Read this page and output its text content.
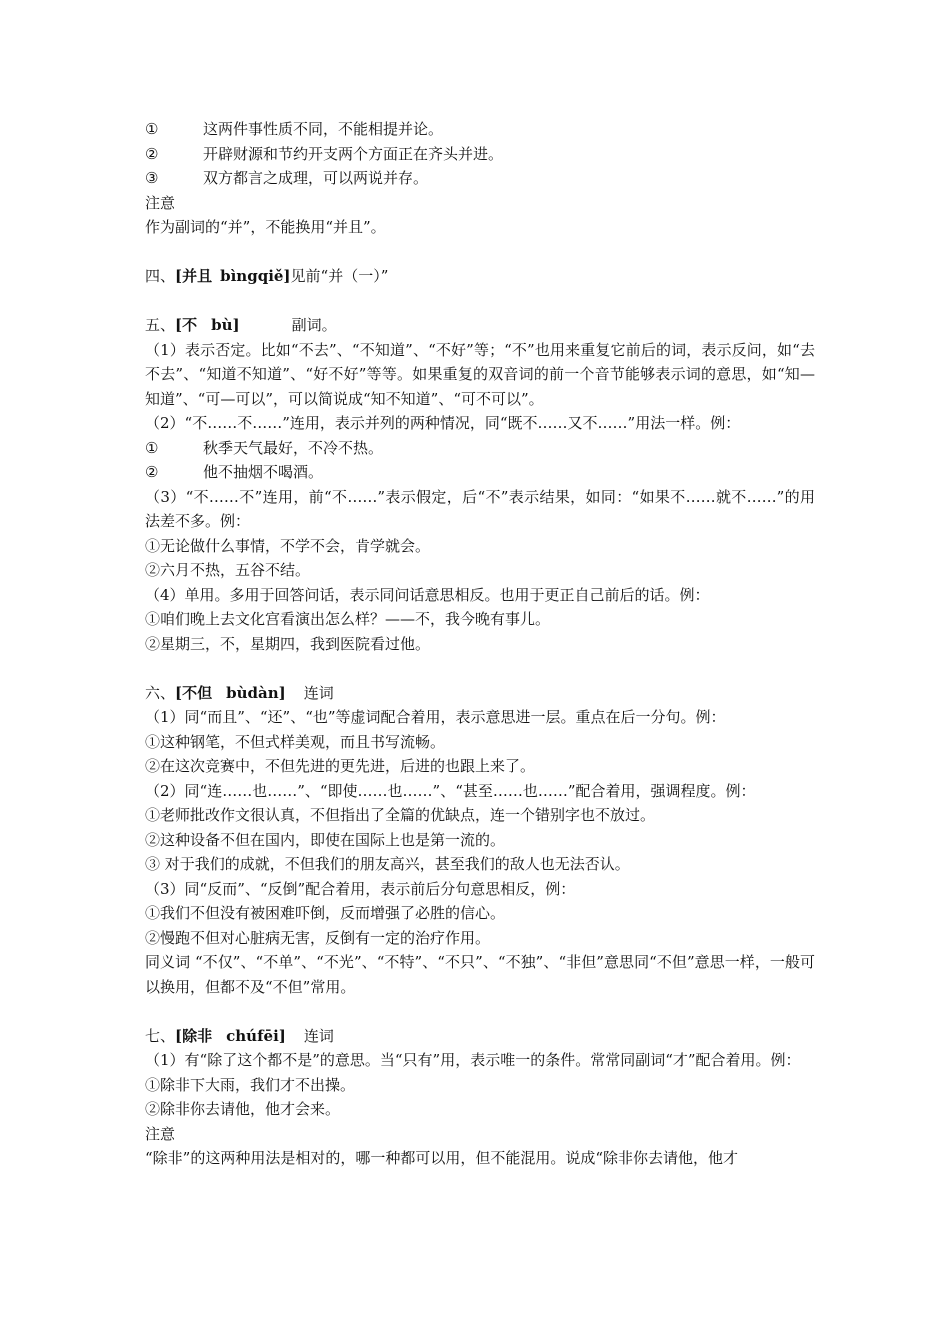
①	这两件事性质不同，不能相提并论。
②	开辟财源和节约开支两个方面正在齐头并进。
③	双方都言之成理，可以两说并存。
注意
作为副词的“并”，不能换用“并且”。
四、[并且 bìngqiě]见前“并（一）”
五、[不 bù]	副词。
（1）表示否定。比如“不去”、“不知道”、“不好”等；“不”也用来重复它前后的词，表示反问，如“去不去”、“知道不知道”、“好不好”等等。如果重复的双音词的前一个音节能够表示词的意思，如“知—知道”、“可—可以”，可以简说成“知不知道”、“可不可以”。
（2）“不……不……”连用，表示并列的两种情况，同“既不……又不……”用法一样。例：
①	秋季天气最好，不冷不热。
②	他不抽烟不喝酒。
（3）“不……不”连用，前“不……”表示假定，后“不”表示结果，如同：“如果不……就不……”的用法差不多。例：
①无论做什么事情，不学不会，肯学就会。
②六月不热，五谷不结。
（4）单用。多用于回答问话，表示同问话意思相反。也用于更正自己前后的话。例：
①咱们晚上去文化宫看演出怎么样？——不，我今晚有事儿。
②星期三，不，星期四，我到医院看过他。
六、[不但 bùdàn] 连词
（1）同“而且”、“还”、“也”等虚词配合着用，表示意思进一层。重点在后一分句。例：
①这种钢笔，不但式样美观，而且书写流畅。
②在这次竞赛中，不但先进的更先进，后进的也跟上来了。
（2）同“连……也……”、“即使……也……”、“甚至……也……”配合着用，强调程度。例：
①老师批改作文很认真，不但指出了全篇的优缺点，连一个错别字也不放过。
②这种设备不但在国内，即使在国际上也是第一流的。
③ 对于我们的成就，不但我们的朋友高兴，甚至我们的敌人也无法否认。
（3）同“反而”、“反倒”配合着用，表示前后分句意思相反，例：
①我们不但没有被困难吓倒，反而增强了必胜的信心。
②慢跑不但对心脏病无害，反倒有一定的治疗作用。
同义词 “不仅”、“不单”、“不光”、“不特”、“不只”、“不独”、“非但”意思同“不但”意思一样，一般可以换用，但都不及“不但”常用。
七、[除非 chúfēi] 连词
（1）有“除了这个都不是”的意思。当“只有”用，表示唯一的条件。常常同副词“才”配合着用。例：
①除非下大雨，我们才不出操。
②除非你去请他，他才会来。
注意
“除非”的这两种用法是相对的，哪一种都可以用，但不能混用。说成“除非你去请他，他才
